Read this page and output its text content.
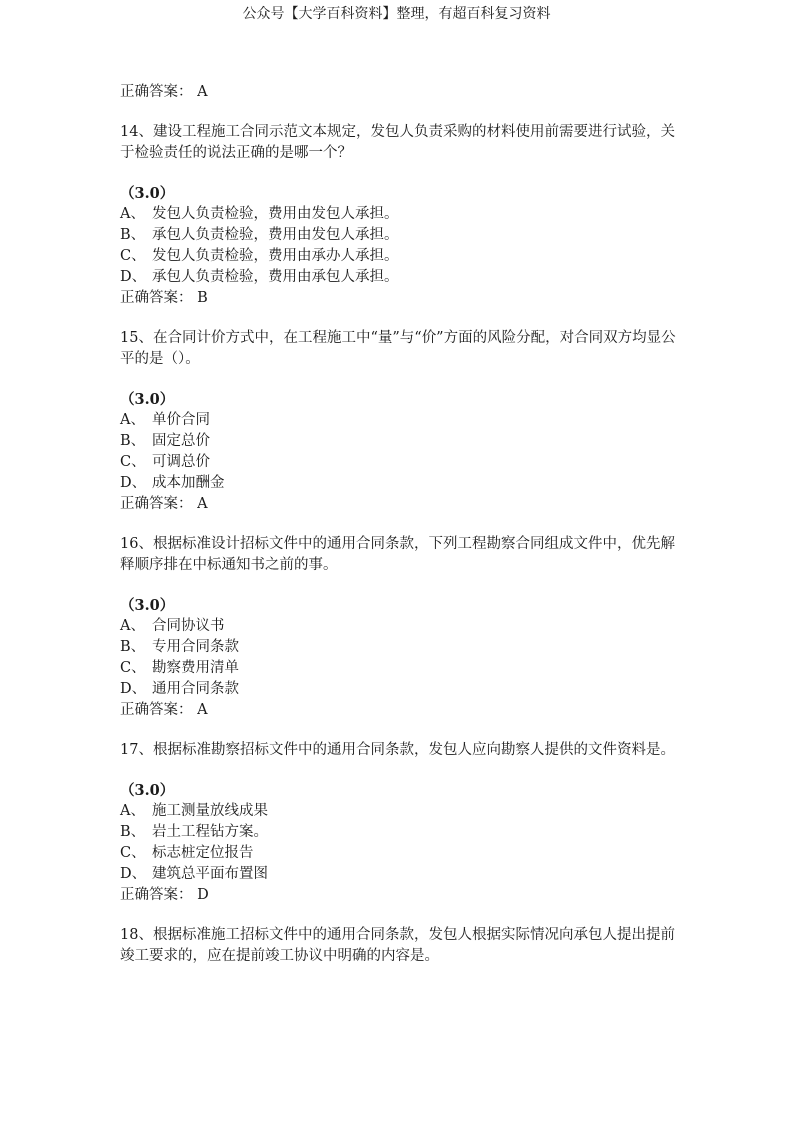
公众号【大学百科资料】整理，有超百科复习资料

正确答案： A

14、建设工程施工合同示范文本规定，发包人负责采购的材料使用前需要进行试验，关于检验责任的说法正确的是哪一个？

（3.0）

A、 发包人负责检验，费用由发包人承担。
B、 承包人负责检验，费用由发包人承担。
C、 发包人负责检验，费用由承办人承担。
D、 承包人负责检验，费用由承包人承担。

正确答案： B

15、在合同计价方式中，在工程施工中“量”与“价”方面的风险分配，对合同双方均显公平的是（）。

（3.0）

A、 单价合同
B、 固定总价
C、 可调总价
D、 成本加酬金

正确答案： A

16、根据标准设计招标文件中的通用合同条款，下列工程勘察合同组成文件中，优先解释顺序排在中标通知书之前的事。

（3.0）

A、 合同协议书
B、 专用合同条款
C、 勘察费用清单
D、 通用合同条款

正确答案： A

17、根据标准勘察招标文件中的通用合同条款，发包人应向勘察人提供的文件资料是。

（3.0）

A、 施工测量放线成果
B、 岩土工程钻方案。
C、 标志桩定位报告
D、 建筑总平面布置图

正确答案： D

18、根据标准施工招标文件中的通用合同条款，发包人根据实际情况向承包人提出提前竣工要求的，应在提前竣工协议中明确的内容是。
